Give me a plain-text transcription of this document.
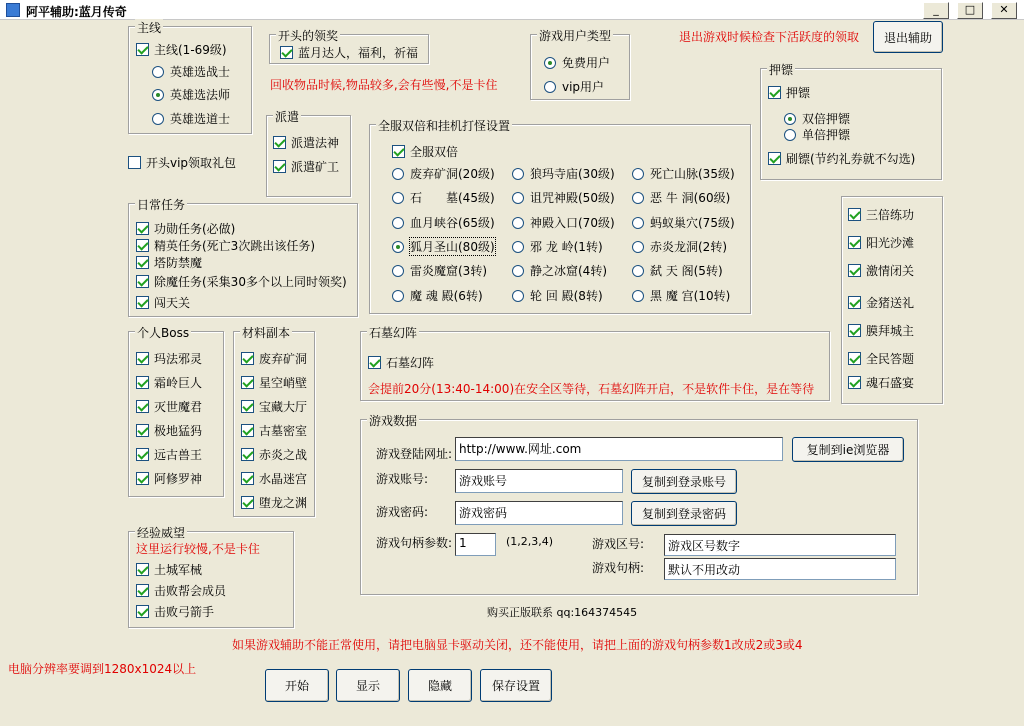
阿平辅助:蓝月传奇	_	□	✕
主线
主线(1-69级)
英雄选战士
英雄选法师
英雄选道士
开头vip领取礼包
开头的领奖
蓝月达人，福利，祈福
回收物品时候,物品较多,会有些慢,不是卡住
派遣
派遣法神
派遣矿工
游戏用户类型
免费用户
vip用户
退出游戏时候检查下活跃度的领取	退出辅助
押镖
押镖
双倍押镖
单倍押镖
刷镖(节约礼券就不勾选)
全服双倍和挂机打怪设置
全服双倍
废弃矿洞(20级)	狼玛寺庙(30级)	死亡山脉(35级)
石　　墓(45级)	诅咒神殿(50级)	恶 牛 洞(60级)
血月峡谷(65级)	神殿入口(70级)	蚂蚁巢穴(75级)
狐月圣山(80级)	邪 龙 岭(1转)	赤炎龙洞(2转)
雷炎魔窟(3转)	静之冰窟(4转)	弑 天 阁(5转)
魔 魂 殿(6转)	轮 回 殿(8转)	黑 魔 宫(10转)
三倍练功
阳光沙滩
激情闭关
金猪送礼
膜拜城主
全民答题
魂石盛宴
日常任务
功勋任务(必做)
精英任务(死亡3次跳出该任务)
塔防禁魔
除魔任务(采集30多个以上同时领奖)
闯天关
个人Boss
玛法邪灵
霜岭巨人
灭世魔君
极地猛犸
远古兽王
阿修罗神
材料副本
废弃矿洞
星空峭壁
宝藏大厅
古墓密室
赤炎之战
水晶迷宫
堕龙之渊
石墓幻阵
石墓幻阵
会提前20分(13:40-14:00)在安全区等待，石墓幻阵开启，不是软件卡住，是在等待
游戏数据
游戏登陆网址: http://www.网址.com	复制到ie浏览器
游戏账号:	游戏账号	复制到登录账号
游戏密码:	游戏密码	复制到登录密码
游戏句柄参数: 1	(1,2,3,4)	游戏区号:	游戏区号数字
游戏句柄:	默认不用改动
经验威望
这里运行较慢,不是卡住
土城军械
击败帮会成员
击败弓箭手	购买正版联系 qq:164374545
如果游戏辅助不能正常使用，请把电脑显卡驱动关闭，还不能使用，请把上面的游戏句柄参数1改成2或3或4
电脑分辨率要调到1280x1024以上
开始	显示	隐藏	保存设置
